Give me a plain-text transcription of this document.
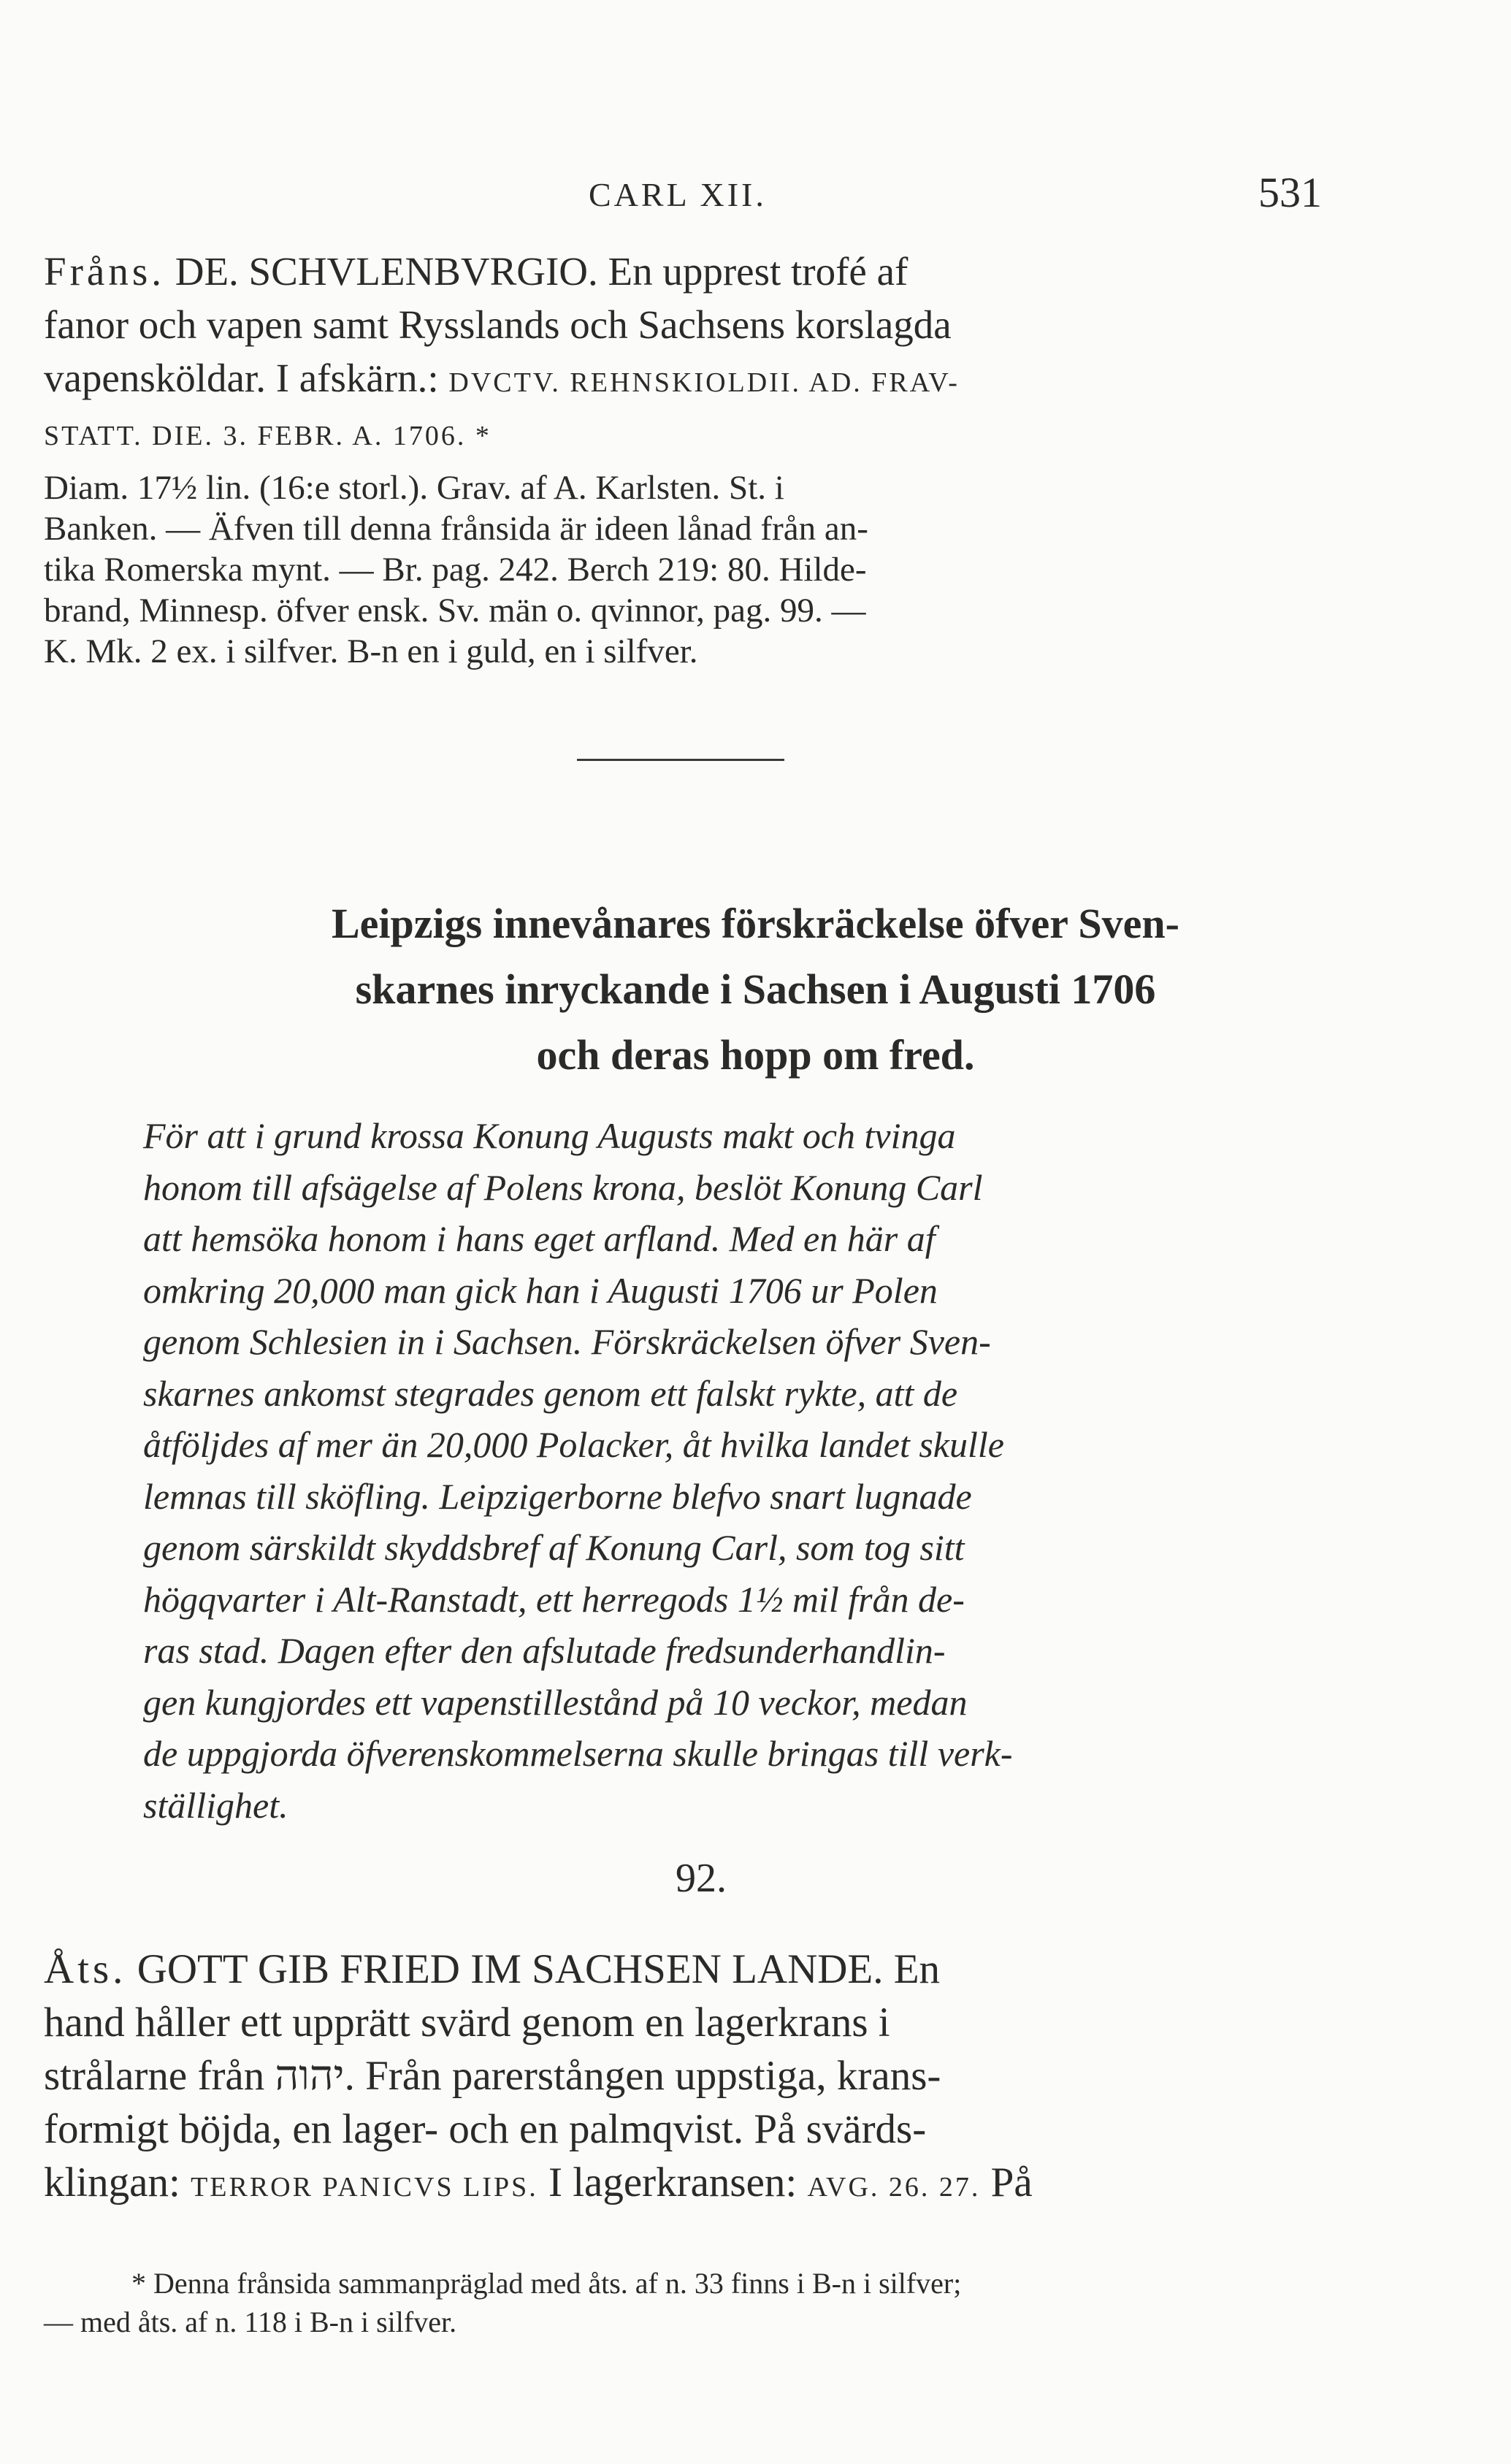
CARL XII.	531
Fråns. DE. SCHVLENBVRGIO. En upprest trofé af
fanor och vapen samt Rysslands och Sachsens korslagda
vapensköldar. I afskärn.: DVCTV. REHNSKIOLDII. AD. FRAV-
STATT. DIE. 3. FEBR. A. 1706. *
Diam. 17½ lin. (16:e storl.). Grav. af A. Karlsten. St. i
Banken. — Äfven till denna frånsida är ideen lånad från an-
tika Romerska mynt. — Br. pag. 242. Berch 219: 80. Hilde-
brand, Minnesp. öfver ensk. Sv. män o. qvinnor, pag. 99. —
K. Mk. 2 ex. i silfver. B-n en i guld, en i silfver.
Leipzigs innevånares förskräckelse öfver Sven-
skarnes inryckande i Sachsen i Augusti 1706
och deras hopp om fred.
För att i grund krossa Konung Augusts makt och tvinga
honom till afsägelse af Polens krona, beslöt Konung Carl
att hemsöka honom i hans eget arfland. Med en här af
omkring 20,000 man gick han i Augusti 1706 ur Polen
genom Schlesien in i Sachsen. Förskräckelsen öfver Sven-
skarnes ankomst stegrades genom ett falskt rykte, att de
åtföljdes af mer än 20,000 Polacker, åt hvilka landet skulle
lemnas till sköfling. Leipzigerborne blefvo snart lugnade
genom särskildt skyddsbref af Konung Carl, som tog sitt
högqvarter i Alt-Ranstadt, ett herregods 1½ mil från de-
ras stad. Dagen efter den afslutade fredsunderhandlin-
gen kungjordes ett vapenstillestånd på 10 veckor, medan
de uppgjorda öfverenskommelserna skulle bringas till verk-
ställighet.
92.
Åts. GOTT GIB FRIED IM SACHSEN LANDE. En
hand håller ett upprätt svärd genom en lagerkrans i
strålarne från יהוה. Från parerstången uppstiga, krans-
formigt böjda, en lager- och en palmqvist. På svärds-
klingan: TERROR PANICVS LIPS. I lagerkransen: AVG. 26. 27. På
* Denna frånsida sammanpräglad med åts. af n. 33 finns i B-n i silfver;
— med åts. af n. 118 i B-n i silfver.
